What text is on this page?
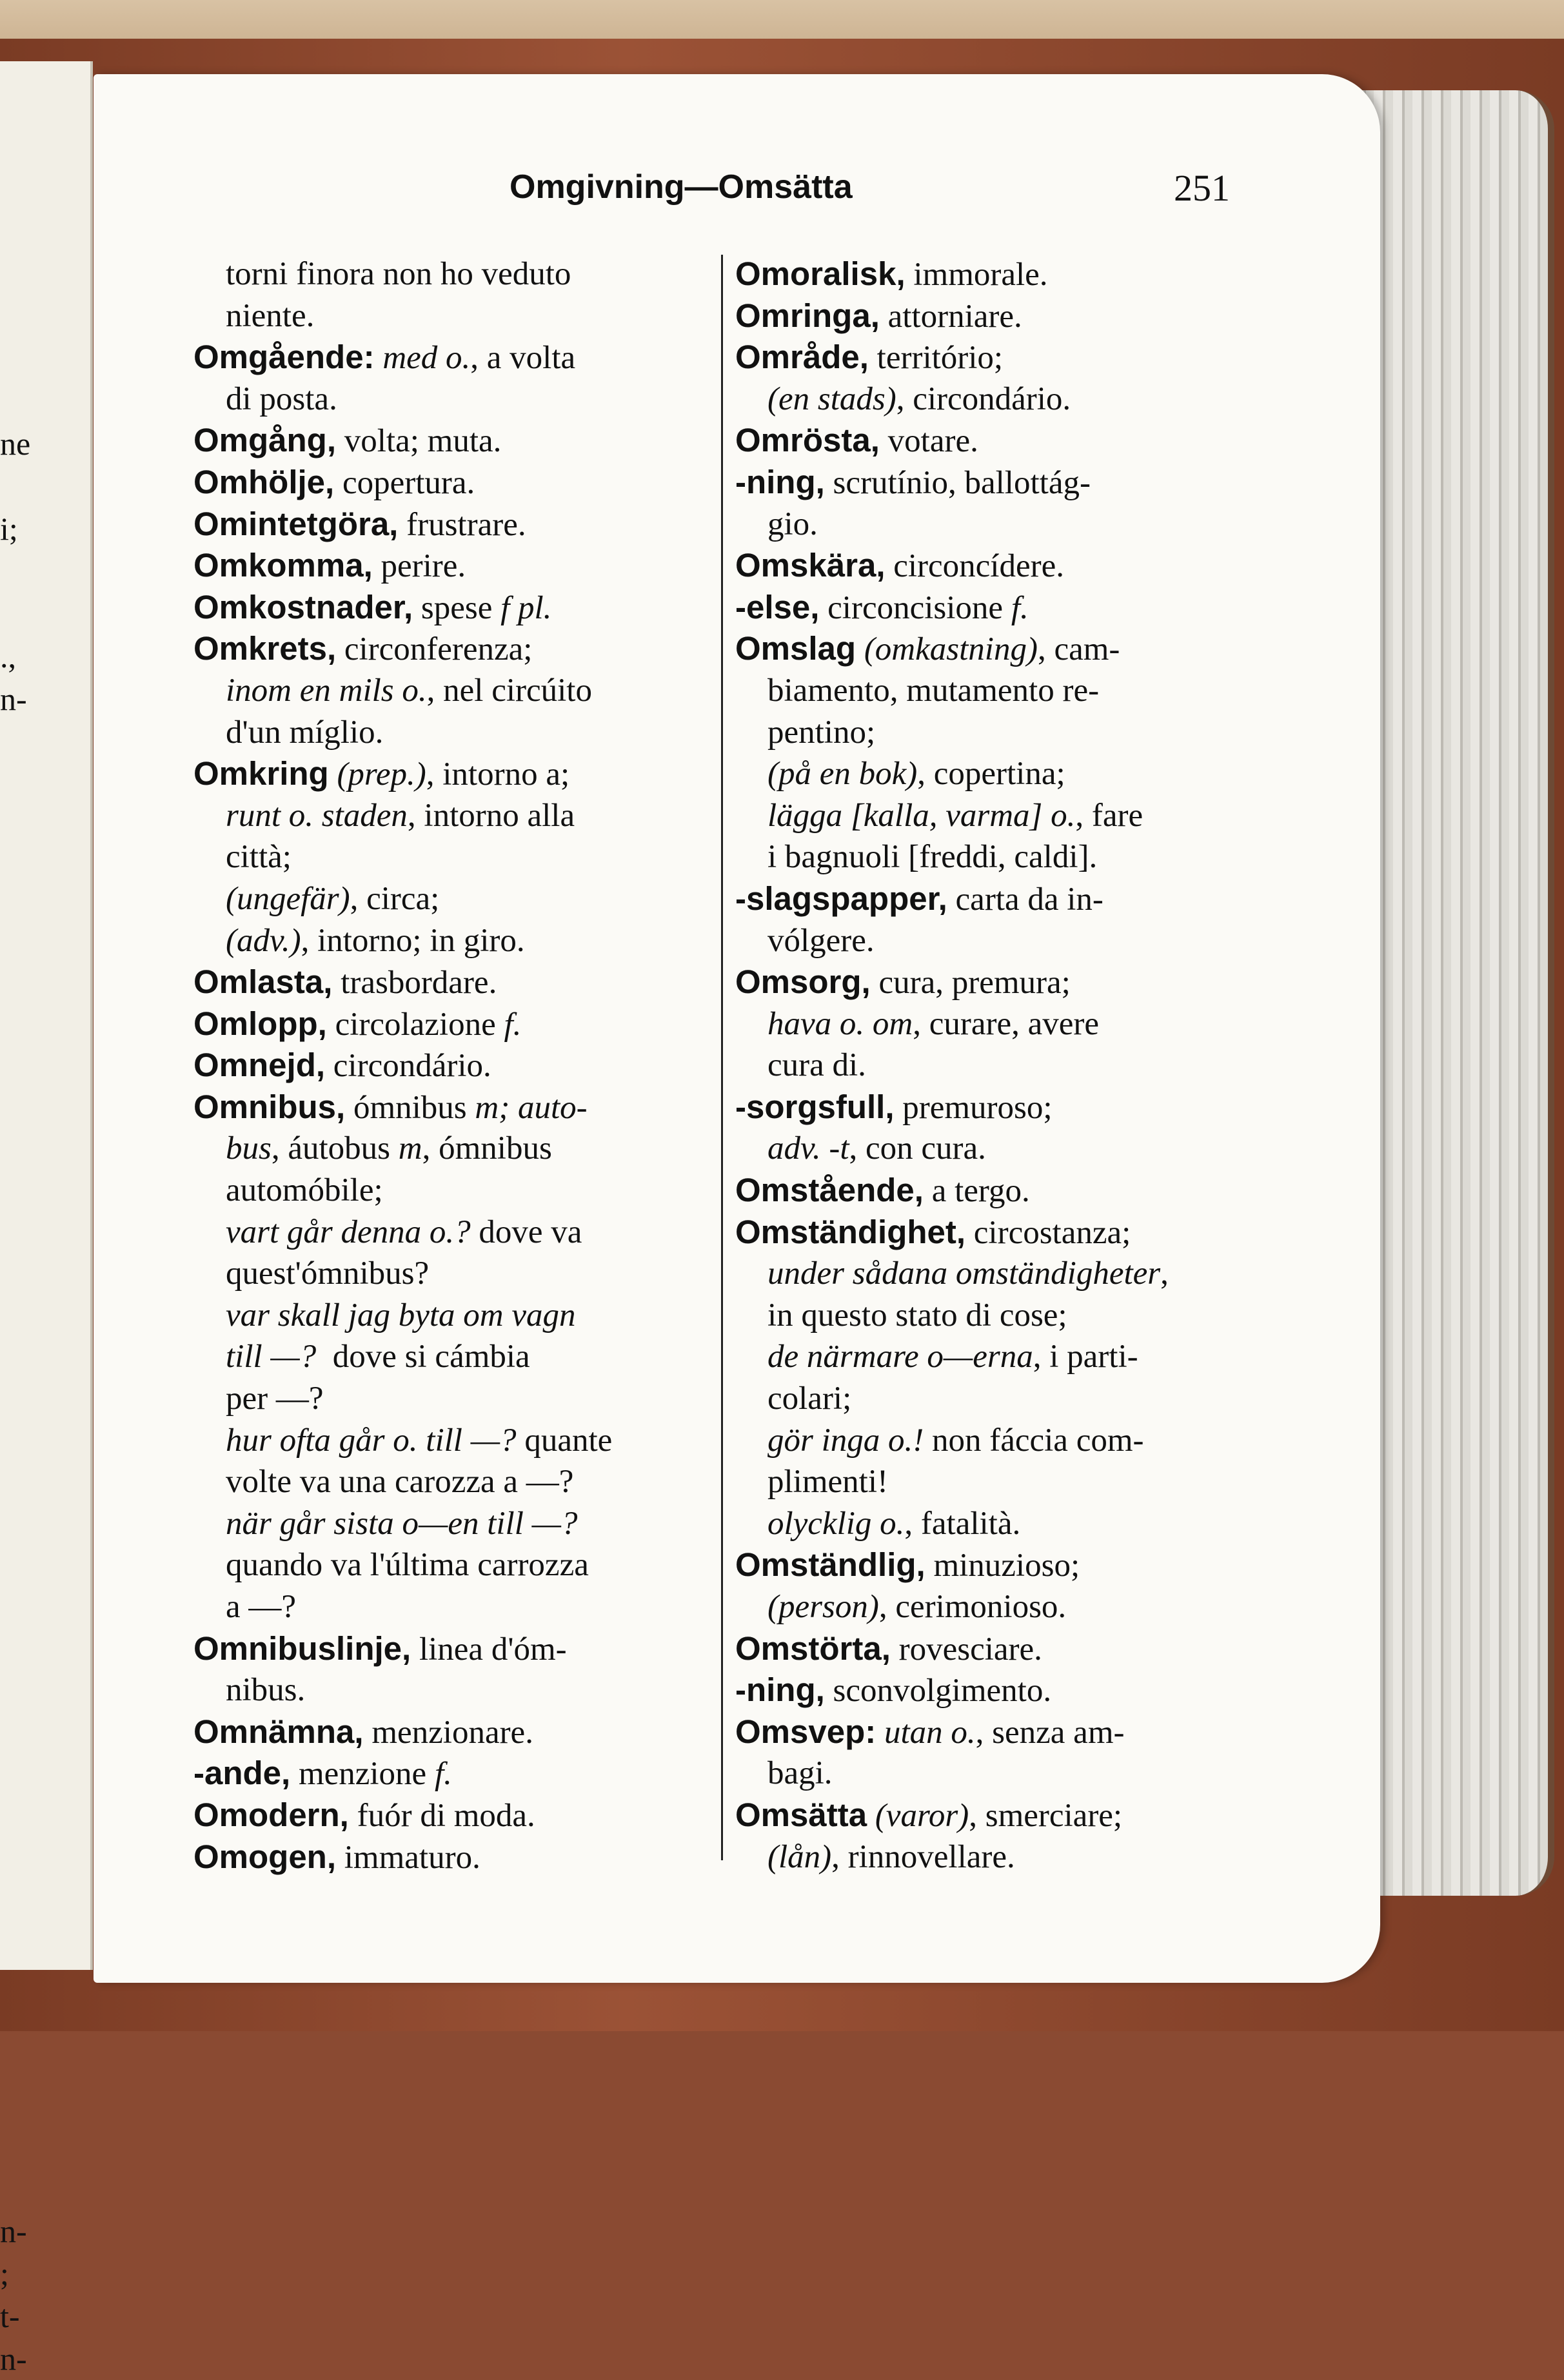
ne
i;
.,
n-
n-
;
t-
n-
Omgivning—Omsätta	251
torni finora non ho veduto
niente.
Omgående: med o., a volta
di posta.
Omgång, volta; muta.
Omhölje, copertura.
Omintetgöra, frustrare.
Omkomma, perire.
Omkostnader, spese f pl.
Omkrets, circonferenza;
inom en mils o., nel circúito
d'un míglio.
Omkring (prep.), intorno a;
runt o. staden, intorno alla
città;
(ungefär), circa;
(adv.), intorno; in giro.
Omlasta, trasbordare.
Omlopp, circolazione f.
Omnejd, circondário.
Omnibus, ómnibus m; auto-
bus, áutobus m, ómnibus
automóbile;
vart går denna o.? dove va
quest'ómnibus?
var skall jag byta om vagn
till —?  dove si cámbia
per —?
hur ofta går o. till —? quante
volte va una carozza a —?
när går sista o—en till —?
quando va l'última carrozza
a —?
Omnibuslinje, linea d'óm-
nibus.
Omnämna, menzionare.
-ande, menzione f.
Omodern, fuór di moda.
Omogen, immaturo.
Omoralisk, immorale.
Omringa, attorniare.
Område, território;
(en stads), circondário.
Omrösta, votare.
-ning, scrutínio, ballottág-
gio.
Omskära, circoncídere.
-else, circoncisione f.
Omslag (omkastning), cam-
biamento, mutamento re-
pentino;
(på en bok), copertina;
lägga [kalla, varma] o., fare
i bagnuoli [freddi, caldi].
-slagspapper, carta da in-
vólgere.
Omsorg, cura, premura;
hava o. om, curare, avere
cura di.
-sorgsfull, premuroso;
adv. -t, con cura.
Omstående, a tergo.
Omständighet, circostanza;
under sådana omständigheter,
in questo stato di cose;
de närmare o—erna, i parti-
colari;
gör inga o.! non fáccia com-
plimenti!
olycklig o., fatalità.
Omständlig, minuzioso;
(person), cerimonioso.
Omstörta, rovesciare.
-ning, sconvolgimento.
Omsvep: utan o., senza am-
bagi.
Omsätta (varor), smerciare;
(lån), rinnovellare.
